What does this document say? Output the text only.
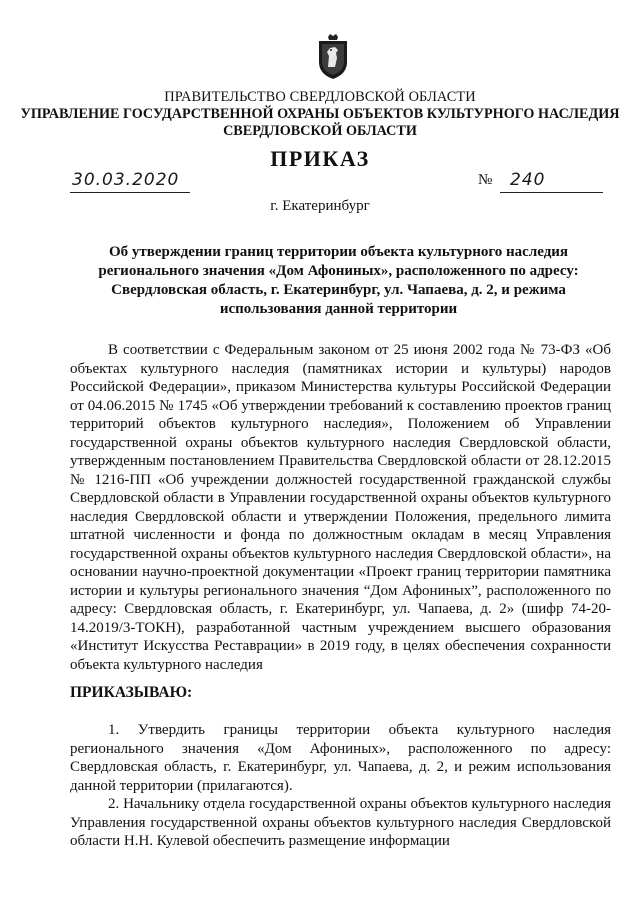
ПРАВИТЕЛЬСТВО СВЕРДЛОВСКОЙ ОБЛАСТИ
УПРАВЛЕНИЕ ГОСУДАРСТВЕННОЙ ОХРАНЫ ОБЪЕКТОВ КУЛЬТУРНОГО НАСЛЕДИЯ СВЕРДЛОВСКОЙ ОБЛАСТИ
ПРИКАЗ
30.03.2020	№ 240
г. Екатеринбург
Об утверждении границ территории объекта культурного наследия регионального значения «Дом Афониных», расположенного по адресу: Свердловская область, г. Екатеринбург, ул. Чапаева, д. 2, и режима использования данной территории

В соответствии с Федеральным законом от 25 июня 2002 года № 73-ФЗ «Об объектах культурного наследия (памятниках истории и культуры) народов Российской Федерации», приказом Министерства культуры Российской Федерации от 04.06.2015 № 1745 «Об утверждении требований к составлению проектов границ территорий объектов культурного наследия», Положением об Управлении государственной охраны объектов культурного наследия Свердловской области, утвержденным постановлением Правительства Свердловской области от 28.12.2015 № 1216-ПП «Об учреждении должностей государственной гражданской службы Свердловской области в Управлении государственной охраны объектов культурного наследия Свердловской области и утверждении Положения, предельного лимита штатной численности и фонда по должностным окладам в месяц Управления государственной охраны объектов культурного наследия Свердловской области», на основании научно-проектной документации «Проект границ территории памятника истории и культуры регионального значения “Дом Афониных”, расположенного по адресу: Свердловская область, г. Екатеринбург, ул. Чапаева, д. 2» (шифр 74-20-14.2019/3-ТОКН), разработанной частным учреждением высшего образования «Институт Искусства Реставрации» в 2019 году, в целях обеспечения сохранности объекта культурного наследия

ПРИКАЗЫВАЮ:

1. Утвердить границы территории объекта культурного наследия регионального значения «Дом Афониных», расположенного по адресу: Свердловская область, г. Екатеринбург, ул. Чапаева, д. 2, и режим использования данной территории (прилагаются).

2. Начальнику отдела государственной охраны объектов культурного наследия Управления государственной охраны объектов культурного наследия Свердловской области Н.Н. Кулевой обеспечить размещение информации
